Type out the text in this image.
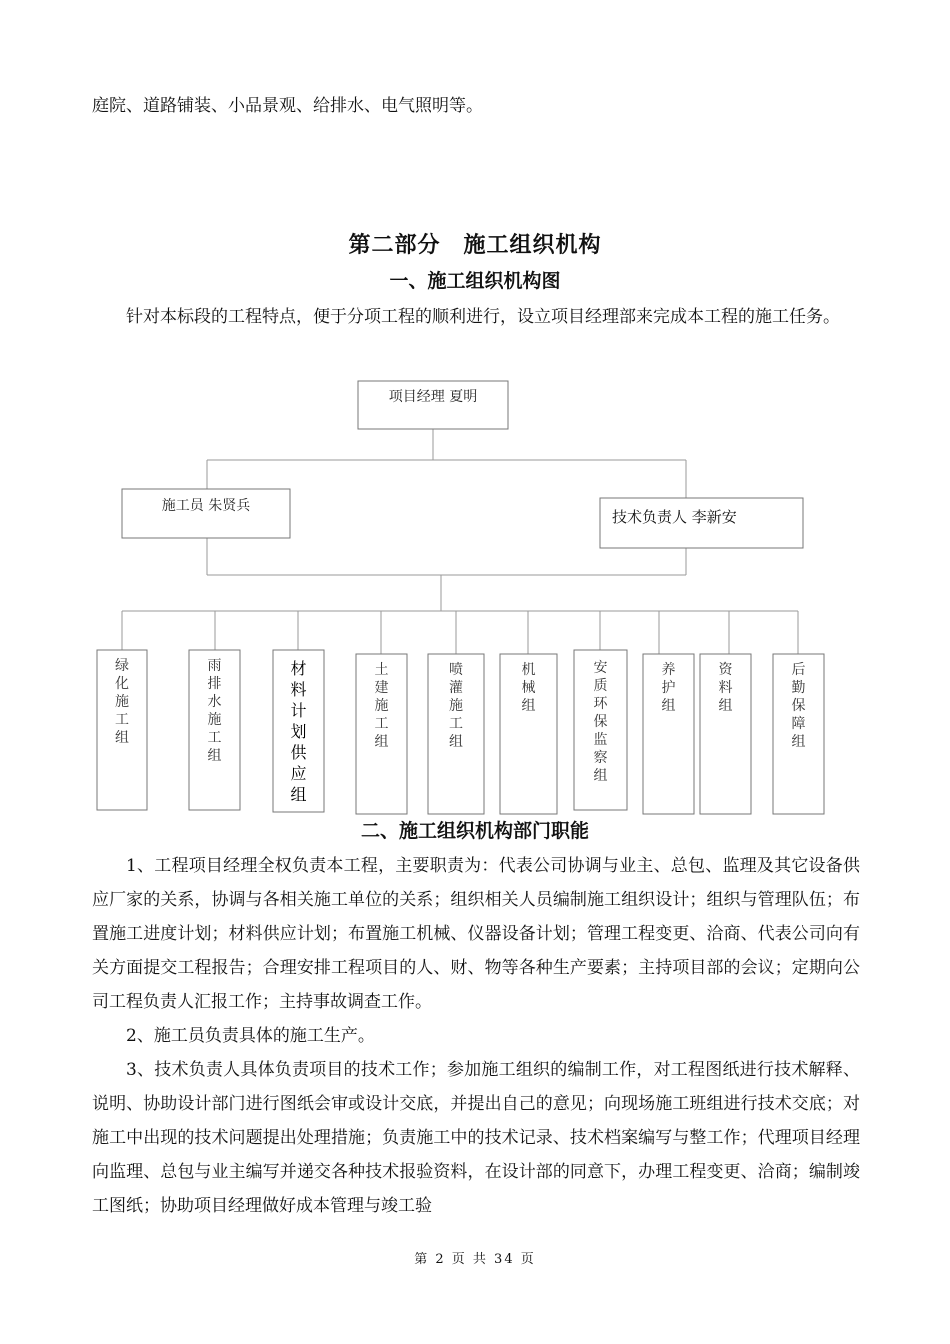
庭院、道路铺装、小品景观、给排水、电气照明等。
第二部分　施工组织机构
一、施工组织机构图

针对本标段的工程特点，便于分项工程的顺利进行，设立项目经理部来完成本工程的施工任务。

项目经理 夏明
施工员 朱贤兵
技术负责人 李新安
绿化施工组
雨排水施工组
材料计划供应组
土建施工组
喷灌施工组
机械组
安质环保监察组
养护组
资料组
后勤保障组
二、施工组织机构部门职能

1、工程项目经理全权负责本工程，主要职责为：代表公司协调与业主、总包、监理及其它设备供应厂家的关系，协调与各相关施工单位的关系；组织相关人员编制施工组织设计；组织与管理队伍；布置施工进度计划；材料供应计划；布置施工机械、仪器设备计划；管理工程变更、洽商、代表公司向有关方面提交工程报告；合理安排工程项目的人、财、物等各种生产要素；主持项目部的会议；定期向公司工程负责人汇报工作；主持事故调查工作。

2、施工员负责具体的施工生产。

3、技术负责人具体负责项目的技术工作；参加施工组织的编制工作，对工程图纸进行技术解释、说明、协助设计部门进行图纸会审或设计交底，并提出自己的意见；向现场施工班组进行技术交底；对施工中出现的技术问题提出处理措施；负责施工中的技术记录、技术档案编写与整工作；代理项目经理向监理、总包与业主编写并递交各种技术报验资料，在设计部的同意下，办理工程变更、洽商；编制竣工图纸；协助项目经理做好成本管理与竣工验

第 2 页 共 34 页
